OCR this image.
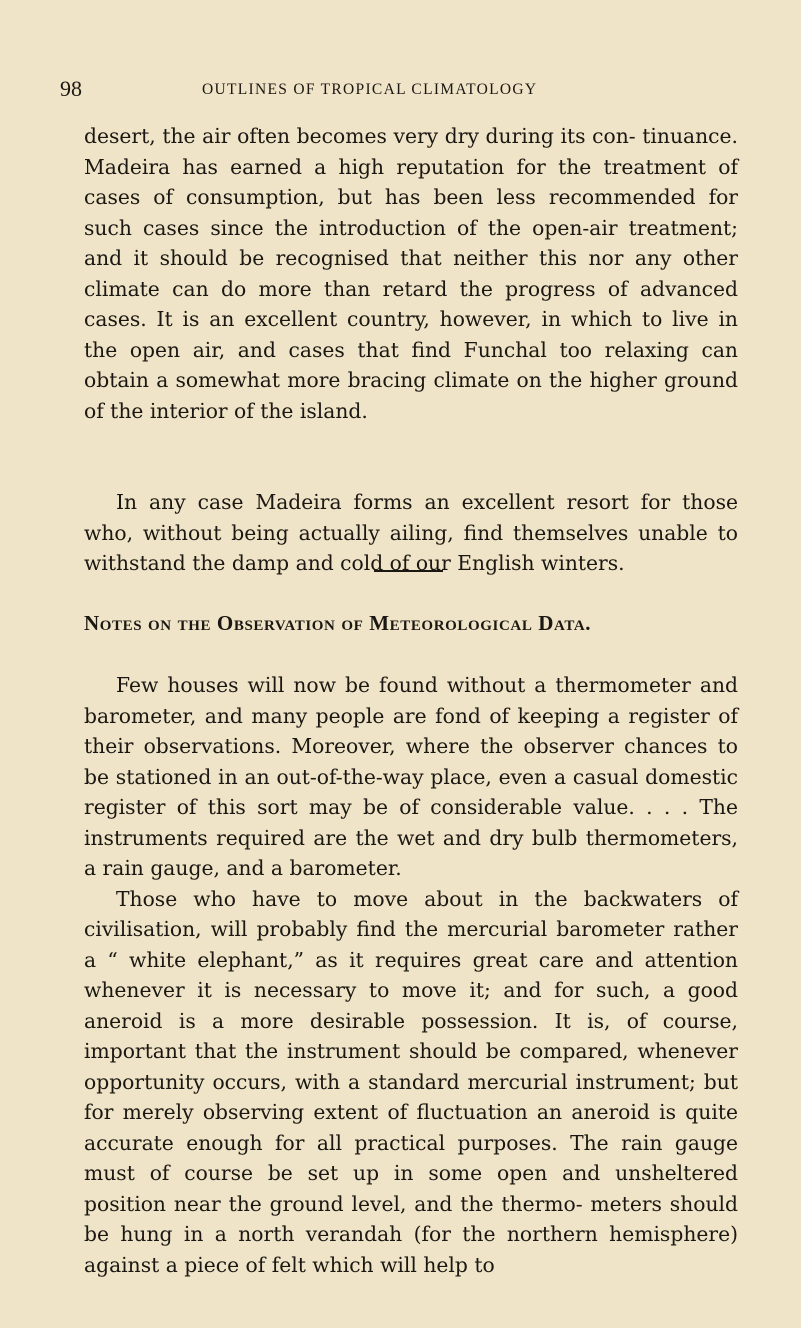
98	OUTLINES OF TROPICAL CLIMATOLOGY

desert, the air often becomes very dry during its con- tinuance. Madeira has earned a high reputation for the treatment of cases of consumption, but has been less recommended for such cases since the introduction of the open-air treatment; and it should be recognised that neither this nor any other climate can do more than retard the progress of advanced cases. It is an excellent country, however, in which to live in the open air, and cases that find Funchal too relaxing can obtain a somewhat more bracing climate on the higher ground of the interior of the island.

In any case Madeira forms an excellent resort for those who, without being actually ailing, find themselves unable to withstand the damp and cold of our English winters.

Notes on the Observation of Meteorological Data.

Few houses will now be found without a thermometer and barometer, and many people are fond of keeping a register of their observations. Moreover, where the observer chances to be stationed in an out-of-the-way place, even a casual domestic register of this sort may be of considerable value. . . . The instruments required are the wet and dry bulb thermometers, a rain gauge, and a barometer.

Those who have to move about in the backwaters of civilisation, will probably find the mercurial barometer rather a “ white elephant,” as it requires great care and attention whenever it is necessary to move it; and for such, a good aneroid is a more desirable possession. It is, of course, important that the instrument should be compared, whenever opportunity occurs, with a standard mercurial instrument; but for merely observing extent of fluctuation an aneroid is quite accurate enough for all practical purposes. The rain gauge must of course be set up in some open and unsheltered position near the ground level, and the thermo- meters should be hung in a north verandah (for the northern hemisphere) against a piece of felt which will help to
